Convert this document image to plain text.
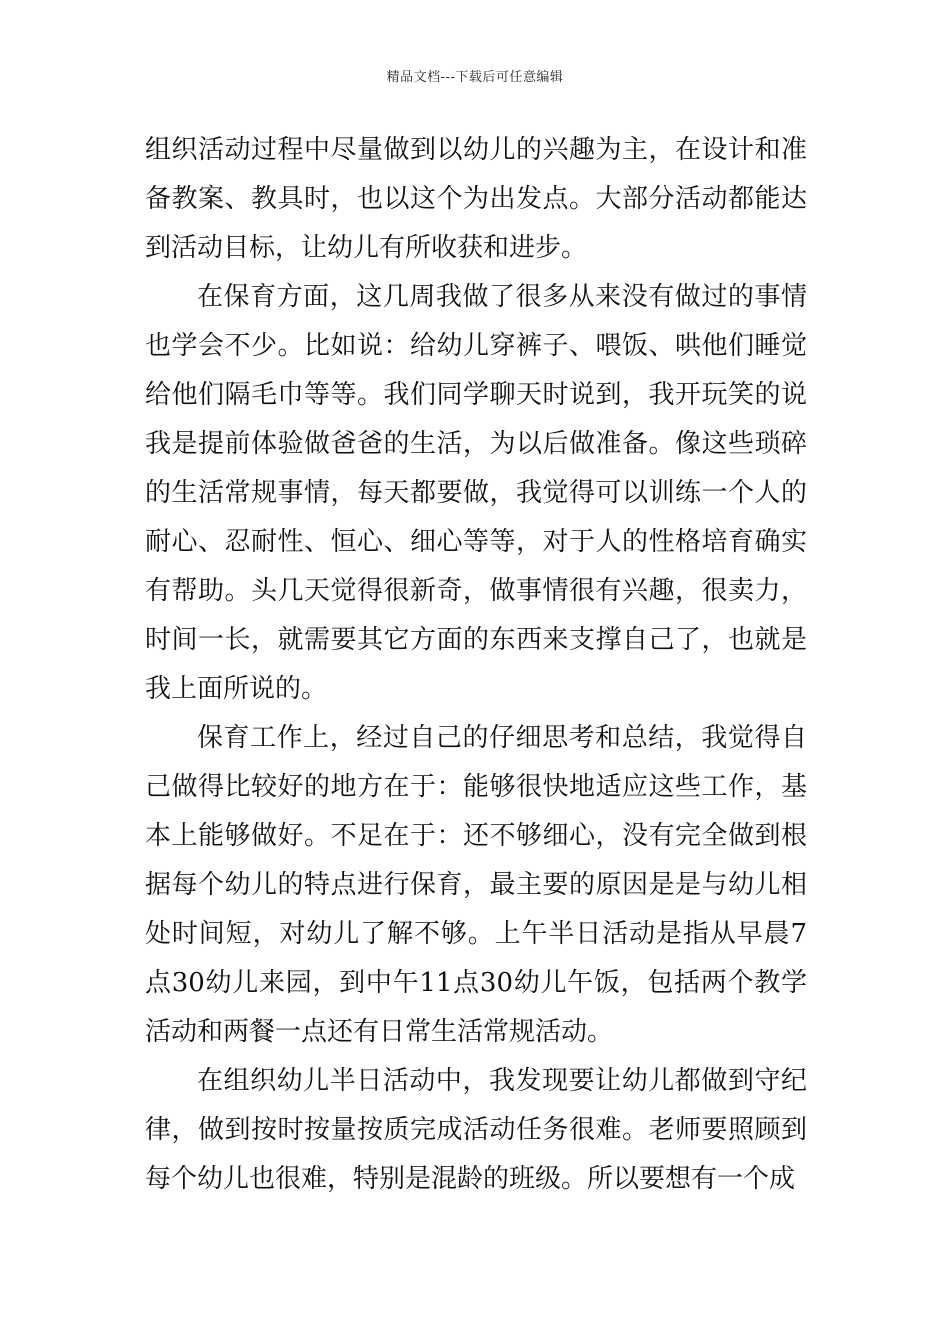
精品文档---下载后可任意编辑

组织活动过程中尽量做到以幼儿的兴趣为主，在设计和准备教案、教具时，也以这个为出发点。大部分活动都能达到活动目标，让幼儿有所收获和进步。

在保育方面，这几周我做了很多从来没有做过的事情也学会不少。比如说：给幼儿穿裤子、喂饭、哄他们睡觉给他们隔毛巾等等。我们同学聊天时说到，我开玩笑的说我是提前体验做爸爸的生活，为以后做准备。像这些琐碎的生活常规事情，每天都要做，我觉得可以训练一个人的耐心、忍耐性、恒心、细心等等，对于人的性格培育确实有帮助。头几天觉得很新奇，做事情很有兴趣，很卖力，时间一长，就需要其它方面的东西来支撑自己了，也就是我上面所说的。

保育工作上，经过自己的仔细思考和总结，我觉得自己做得比较好的地方在于：能够很快地适应这些工作，基本上能够做好。不足在于：还不够细心，没有完全做到根据每个幼儿的特点进行保育，最主要的原因是是与幼儿相处时间短，对幼儿了解不够。上午半日活动是指从早晨7点30幼儿来园，到中午11点30幼儿午饭，包括两个教学活动和两餐一点还有日常生活常规活动。

在组织幼儿半日活动中，我发现要让幼儿都做到守纪律，做到按时按量按质完成活动任务很难。老师要照顾到每个幼儿也很难，特别是混龄的班级。所以要想有一个成
